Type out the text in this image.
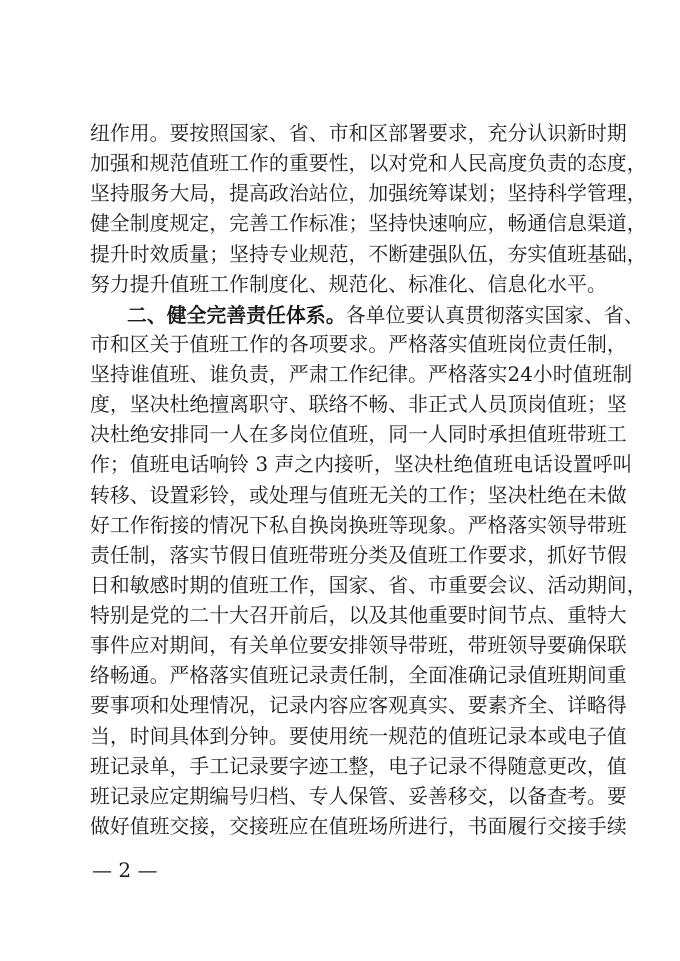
纽作用。要按照国家、省、市和区部署要求，充分认识新时期
加强和规范值班工作的重要性，以对党和人民高度负责的态度，
坚持服务大局，提高政治站位，加强统筹谋划；坚持科学管理，
健全制度规定，完善工作标准；坚持快速响应，畅通信息渠道，
提升时效质量；坚持专业规范，不断建强队伍，夯实值班基础，
努力提升值班工作制度化、规范化、标准化、信息化水平。
二、健全完善责任体系。各单位要认真贯彻落实国家、省、
市和区关于值班工作的各项要求。严格落实值班岗位责任制，
坚持谁值班、谁负责，严肃工作纪律。严格落实24小时值班制
度，坚决杜绝擅离职守、联络不畅、非正式人员顶岗值班；坚
决杜绝安排同一人在多岗位值班，同一人同时承担值班带班工
作；值班电话响铃 3 声之内接听，坚决杜绝值班电话设置呼叫
转移、设置彩铃，或处理与值班无关的工作；坚决杜绝在未做
好工作衔接的情况下私自换岗换班等现象。严格落实领导带班
责任制，落实节假日值班带班分类及值班工作要求，抓好节假
日和敏感时期的值班工作，国家、省、市重要会议、活动期间，
特别是党的二十大召开前后，以及其他重要时间节点、重特大
事件应对期间，有关单位要安排领导带班，带班领导要确保联
络畅通。严格落实值班记录责任制，全面准确记录值班期间重
要事项和处理情况，记录内容应客观真实、要素齐全、详略得
当，时间具体到分钟。要使用统一规范的值班记录本或电子值
班记录单，手工记录要字迹工整，电子记录不得随意更改，值
班记录应定期编号归档、专人保管、妥善移交，以备查考。要
做好值班交接，交接班应在值班场所进行，书面履行交接手续
— 2 —
